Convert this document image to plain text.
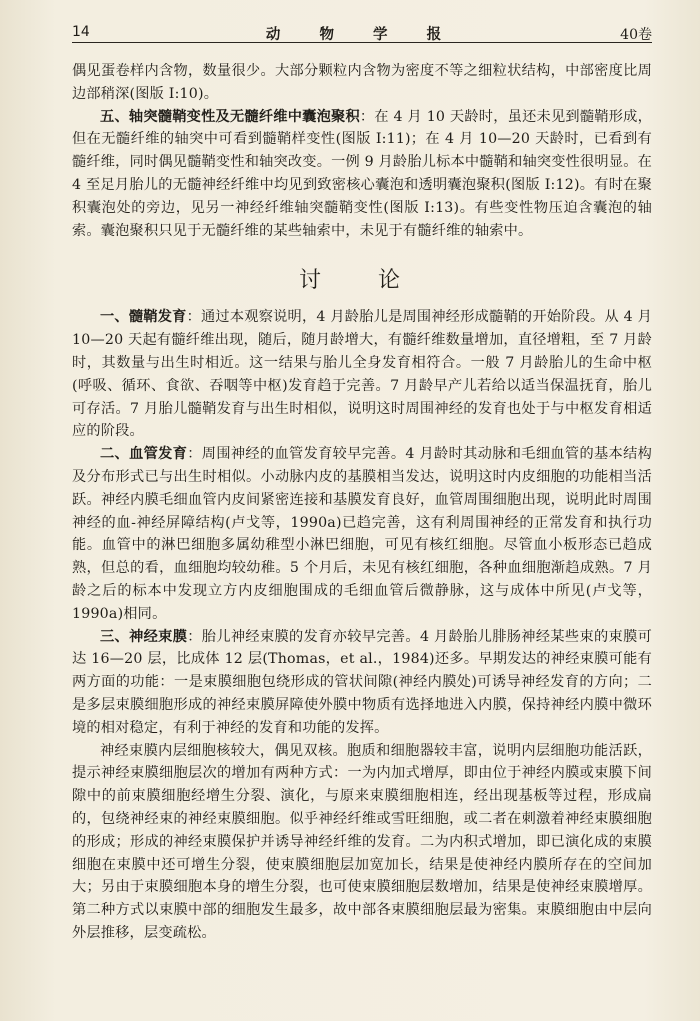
14	动 物 学 报	40卷

偶见蛋卷样内含物，数量很少。大部分颗粒内含物为密度不等之细粒状结构，中部密度比周边部稍深(图版 I:10)。

五、轴突髓鞘变性及无髓纤维中囊泡聚积：在 4 月 10 天龄时，虽还未见到髓鞘形成，但在无髓纤维的轴突中可看到髓鞘样变性(图版 I:11)；在 4 月 10—20 天龄时，已看到有髓纤维，同时偶见髓鞘变性和轴突改变。一例 9 月龄胎儿标本中髓鞘和轴突变性很明显。在 4 至足月胎儿的无髓神经纤维中均见到致密核心囊泡和透明囊泡聚积(图版 I:12)。有时在聚积囊泡处的旁边，见另一神经纤维轴突髓鞘变性(图版 I:13)。有些变性物压迫含囊泡的轴索。囊泡聚积只见于无髓纤维的某些轴索中，未见于有髓纤维的轴索中。

讨 论

一、髓鞘发育：通过本观察说明，4 月龄胎儿是周围神经形成髓鞘的开始阶段。从 4 月 10—20 天起有髓纤维出现，随后，随月龄增大，有髓纤维数量增加，直径增粗，至 7 月龄时，其数量与出生时相近。这一结果与胎儿全身发育相符合。一般 7 月龄胎儿的生命中枢(呼吸、循环、食欲、吞咽等中枢)发育趋于完善。7 月龄早产儿若给以适当保温抚育，胎儿可存活。7 月胎儿髓鞘发育与出生时相似，说明这时周围神经的发育也处于与中枢发育相适应的阶段。

二、血管发育：周围神经的血管发育较早完善。4 月龄时其动脉和毛细血管的基本结构及分布形式已与出生时相似。小动脉内皮的基膜相当发达，说明这时内皮细胞的功能相当活跃。神经内膜毛细血管内皮间紧密连接和基膜发育良好，血管周围细胞出现，说明此时周围神经的血-神经屏障结构(卢戈等，1990a)已趋完善，这有利周围神经的正常发育和执行功能。血管中的淋巴细胞多属幼稚型小淋巴细胞，可见有核红细胞。尽管血小板形态已趋成熟，但总的看，血细胞均较幼稚。5 个月后，未见有核红细胞，各种血细胞渐趋成熟。7 月龄之后的标本中发现立方内皮细胞围成的毛细血管后微静脉，这与成体中所见(卢戈等，1990a)相同。

三、神经束膜：胎儿神经束膜的发育亦较早完善。4 月龄胎儿腓肠神经某些束的束膜可达 16—20 层，比成体 12 层(Thomas，et al.，1984)还多。早期发达的神经束膜可能有两方面的功能：一是束膜细胞包绕形成的管状间隙(神经内膜处)可诱导神经发育的方向；二是多层束膜细胞形成的神经束膜屏障使外膜中物质有选择地进入内膜，保持神经内膜中微环境的相对稳定，有利于神经的发育和功能的发挥。

神经束膜内层细胞核较大，偶见双核。胞质和细胞器较丰富，说明内层细胞功能活跃，提示神经束膜细胞层次的增加有两种方式：一为内加式增厚，即由位于神经内膜或束膜下间隙中的前束膜细胞经增生分裂、演化，与原来束膜细胞相连，经出现基板等过程，形成扁的，包绕神经束的神经束膜细胞。似乎神经纤维或雪旺细胞，或二者在刺激着神经束膜细胞的形成；形成的神经束膜保护并诱导神经纤维的发育。二为内积式增加，即已演化成的束膜细胞在束膜中还可增生分裂，使束膜细胞层加宽加长，结果是使神经内膜所存在的空间加大；另由于束膜细胞本身的增生分裂，也可使束膜细胞层数增加，结果是使神经束膜增厚。第二种方式以束膜中部的细胞发生最多，故中部各束膜细胞层最为密集。束膜细胞由中层向外层推移，层变疏松。
